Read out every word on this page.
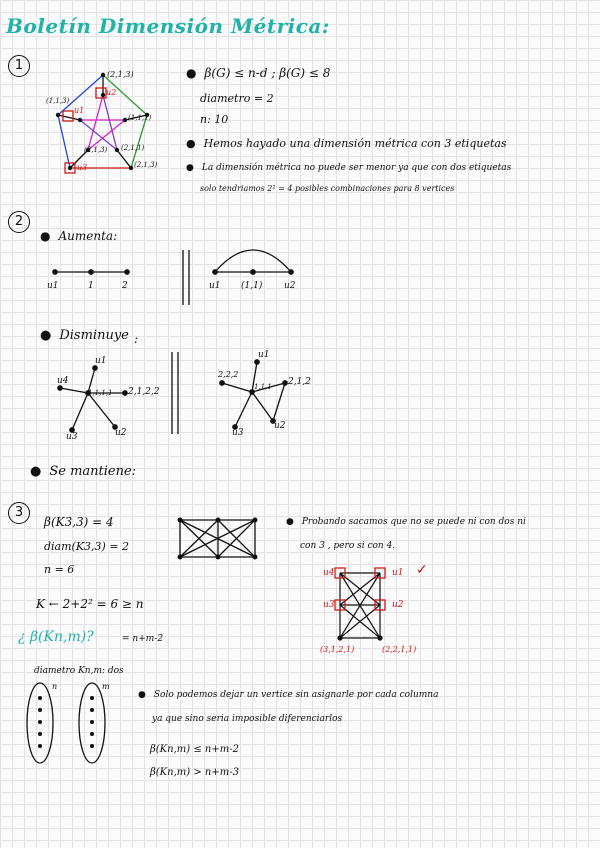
Boletín Dimensión Métrica:
1
(2,1,3)
u2
(1,1,3)
u1
(1,1,1)
(2,1,3) (2,1,1)
(2,1,3)
u3
● β(G) ≤ n-d ; β(G) ≤ 8
diametro = 2
n: 10
● Hemos hayado una dimensión métrica con 3 etiquetas
● La dimensión métrica no puede ser menor ya que con dos etiquetas
solo tendriamos 2² = 4 posibles combinaciones para 8 vertices
2
● Aumenta:
u1	1	2	u1 (1,1) u2
● Disminuye :
u1
u4
1,1,1,1 2,1,2,2
u3	u2
u1
2,2,2
1,1,1 2,1,2
u3
u2
● Se mantiene:
3
β(K3,3) = 4
diam(K3,3) = 2
n = 6
K ← 2+2² = 6 ≥ n
¿ β(Kn,m)?	= n+m-2
● Probando sacamos que no se puede ni con dos ni
con 3 , pero si con 4.
u4	u1 ✓
u3	u2
(3,1,2,1)	(2,2,1,1)
diametro Kn,m: dos
n	m
● Solo podemos dejar un vertice sin asignarle por cada columna
ya que sino seria imposible diferenciarlos
β(Kn,m) ≤ n+m-2
β(Kn,m) > n+m-3
